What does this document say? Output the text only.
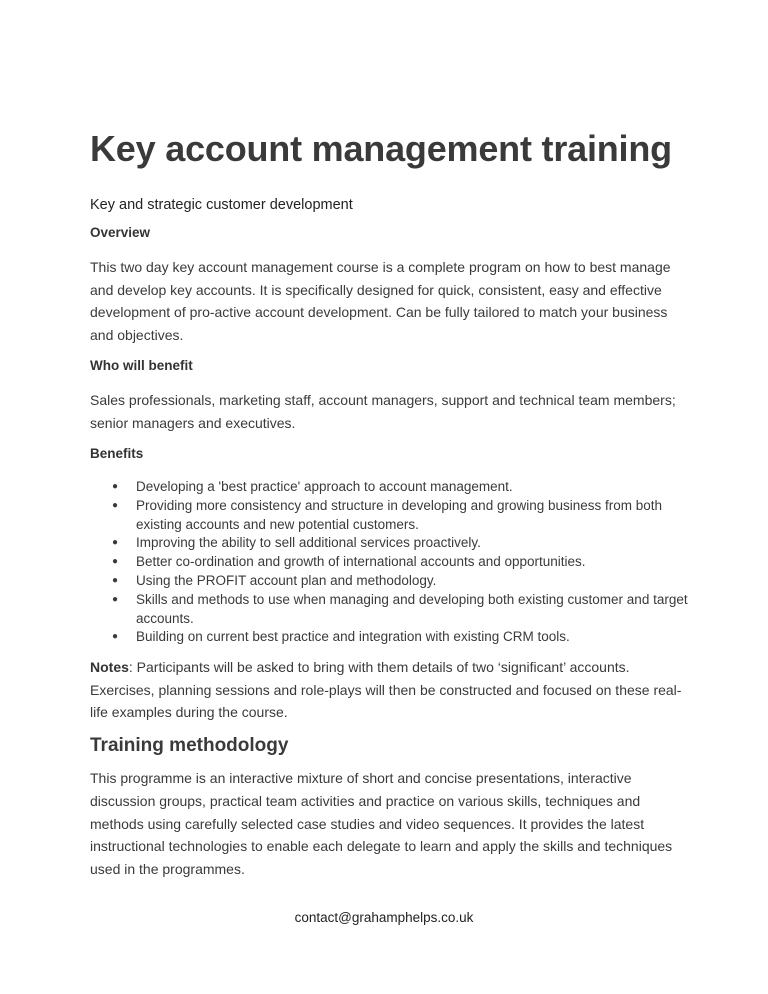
Key account management training

Key and strategic customer development

Overview

This two day key account management course is a complete program on how to best manage and develop key accounts. It is specifically designed for quick, consistent, easy and effective development of pro-active account development. Can be fully tailored to match your business and objectives.

Who will benefit

Sales professionals, marketing staff, account managers, support and technical team members; senior managers and executives.

Benefits

● Developing a 'best practice' approach to account management.
● Providing more consistency and structure in developing and growing business from both existing accounts and new potential customers.
● Improving the ability to sell additional services proactively.
● Better co-ordination and growth of international accounts and opportunities.
● Using the PROFIT account plan and methodology.
● Skills and methods to use when managing and developing both existing customer and target accounts.
● Building on current best practice and integration with existing CRM tools.

Notes: Participants will be asked to bring with them details of two ‘significant’ accounts. Exercises, planning sessions and role-plays will then be constructed and focused on these real-life examples during the course.

Training methodology

This programme is an interactive mixture of short and concise presentations, interactive discussion groups, practical team activities and practice on various skills, techniques and methods using carefully selected case studies and video sequences. It provides the latest instructional technologies to enable each delegate to learn and apply the skills and techniques used in the programmes.

contact@grahamphelps.co.uk
